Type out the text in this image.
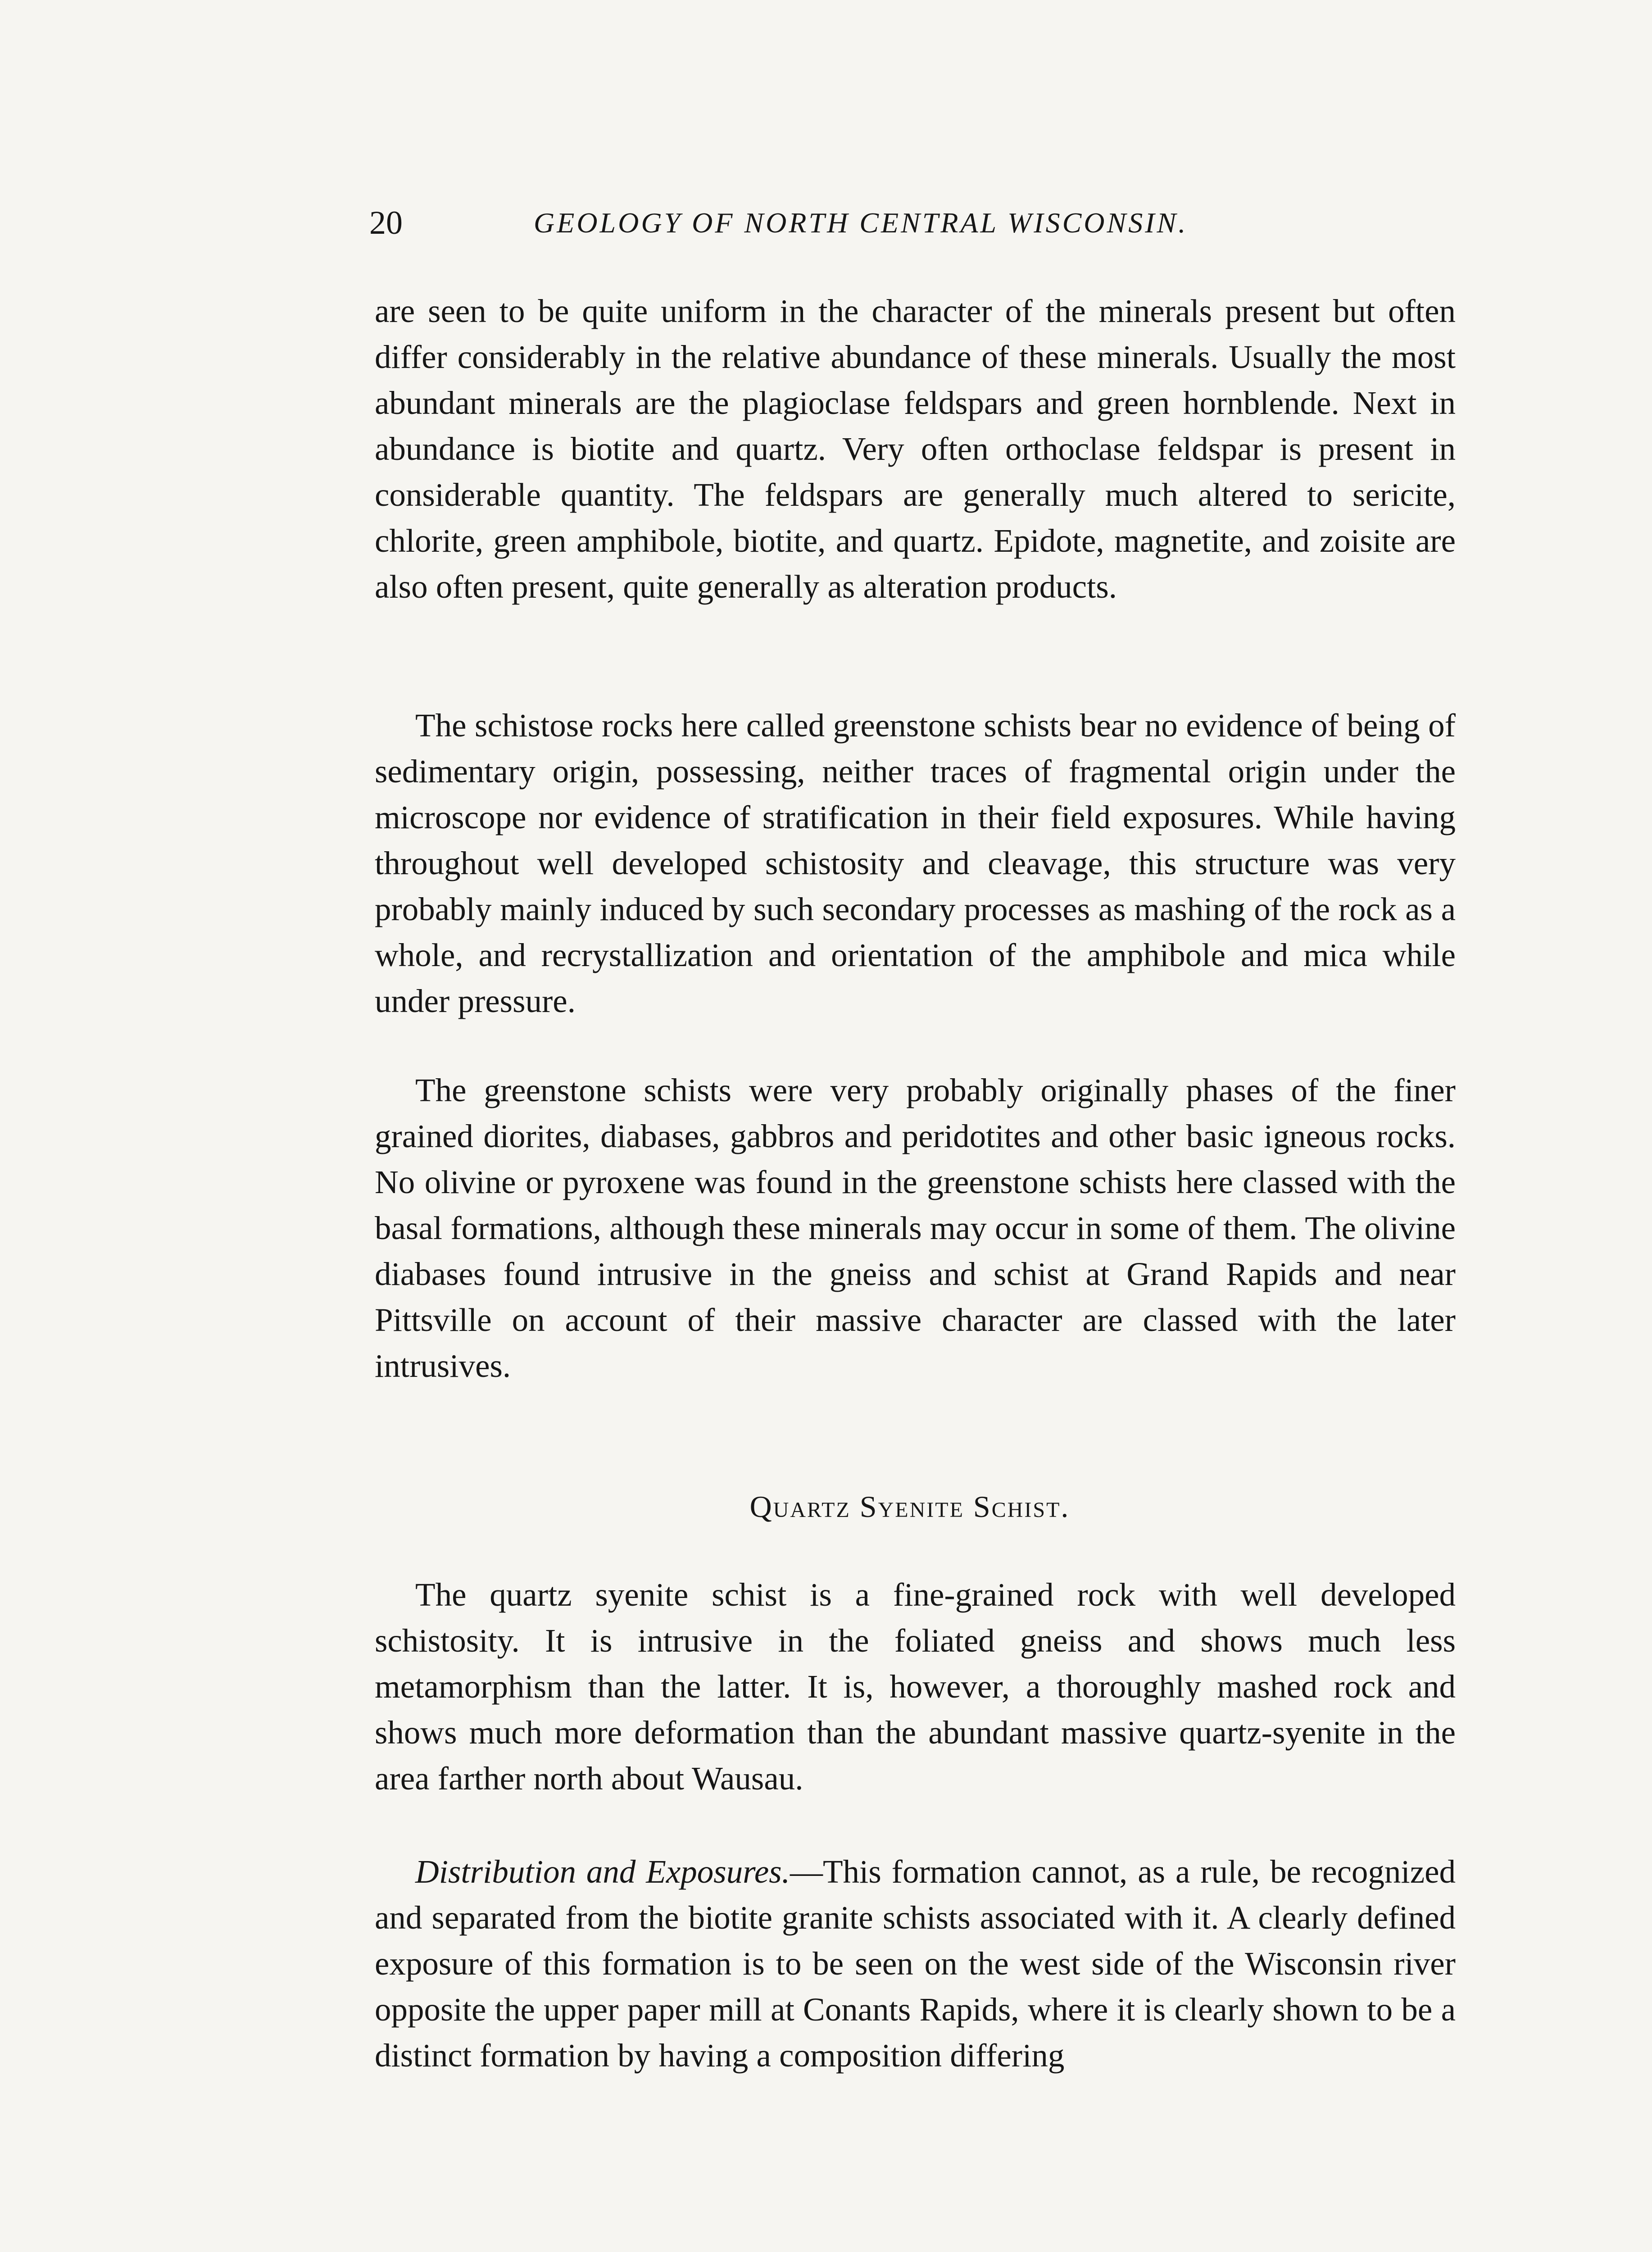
20	GEOLOGY OF NORTH CENTRAL WISCONSIN.

are seen to be quite uniform in the character of the minerals present but often differ considerably in the relative abundance of these minerals. Usually the most abundant minerals are the plagioclase feldspars and green hornblende. Next in abundance is biotite and quartz. Very often orthoclase feldspar is present in considerable quantity. The feldspars are generally much altered to sericite, chlorite, green amphibole, biotite, and quartz. Epidote, magnetite, and zoisite are also often present, quite generally as alteration products.

The schistose rocks here called greenstone schists bear no evidence of being of sedimentary origin, possessing, neither traces of fragmental origin under the microscope nor evidence of stratification in their field exposures. While having throughout well developed schistosity and cleavage, this structure was very probably mainly induced by such secondary processes as mashing of the rock as a whole, and recrystallization and orientation of the amphibole and mica while under pressure.

The greenstone schists were very probably originally phases of the finer grained diorites, diabases, gabbros and peridotites and other basic igneous rocks. No olivine or pyroxene was found in the greenstone schists here classed with the basal formations, although these minerals may occur in some of them. The olivine diabases found intrusive in the gneiss and schist at Grand Rapids and near Pittsville on account of their massive character are classed with the later intrusives.

Quartz Syenite Schist.

The quartz syenite schist is a fine-grained rock with well developed schistosity. It is intrusive in the foliated gneiss and shows much less metamorphism than the latter. It is, however, a thoroughly mashed rock and shows much more deformation than the abundant massive quartz-syenite in the area farther north about Wausau.

Distribution and Exposures.—This formation cannot, as a rule, be recognized and separated from the biotite granite schists associated with it. A clearly defined exposure of this formation is to be seen on the west side of the Wisconsin river opposite the upper paper mill at Conants Rapids, where it is clearly shown to be a distinct formation by having a composition differing
